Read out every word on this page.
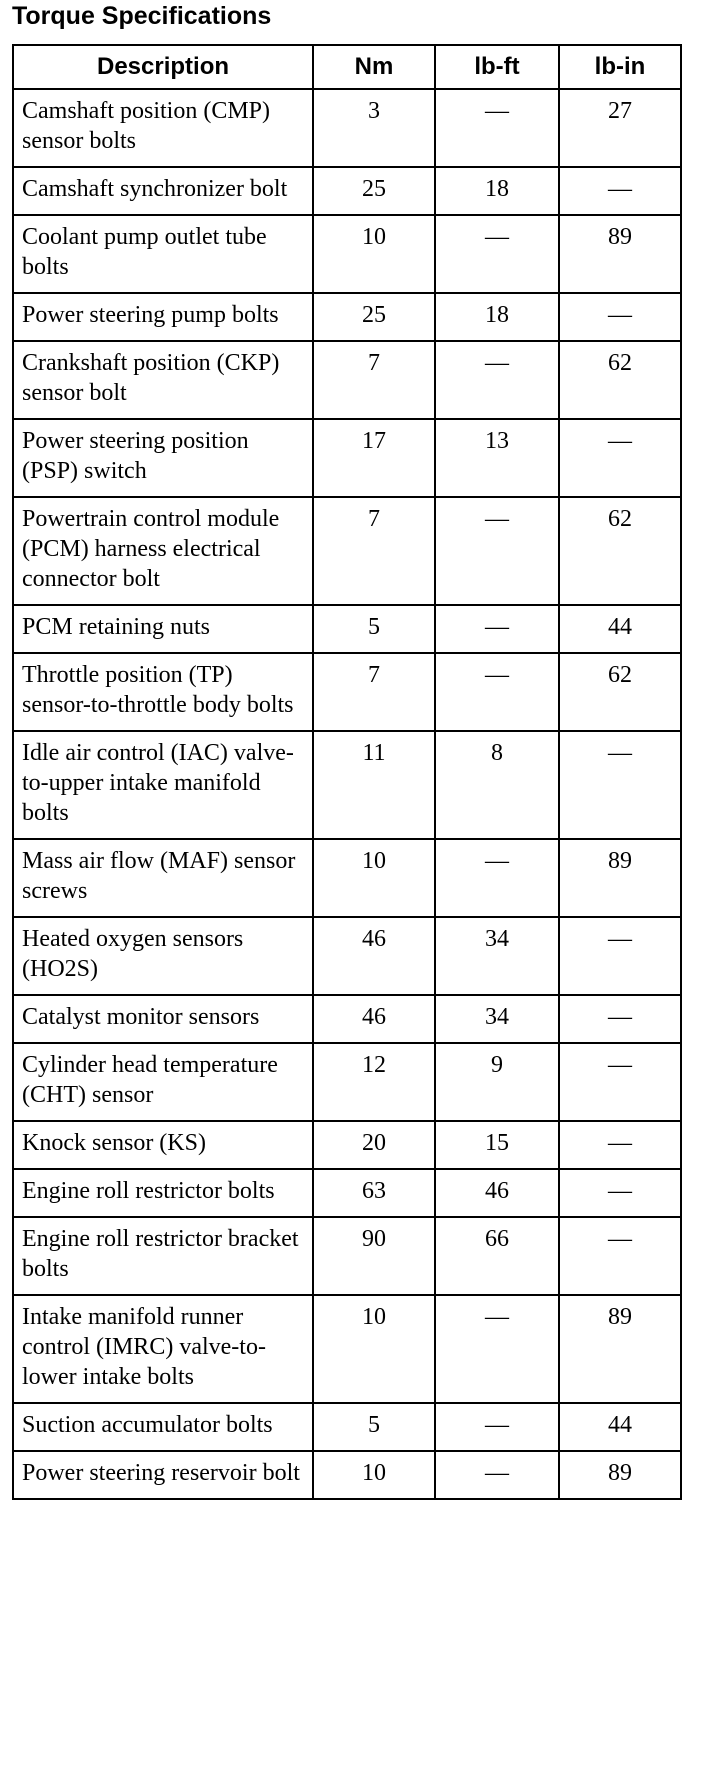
Torque Specifications
Description	Nm	lb-ft	lb-in
Camshaft position (CMP) sensor bolts	3	—	27
Camshaft synchronizer bolt	25	18	—
Coolant pump outlet tube bolts	10	—	89
Power steering pump bolts	25	18	—
Crankshaft position (CKP) sensor bolt	7	—	62
Power steering position (PSP) switch	17	13	—
Powertrain control module (PCM) harness electrical connector bolt	7	—	62
PCM retaining nuts	5	—	44
Throttle position (TP) sensor-to-throttle body bolts	7	—	62
Idle air control (IAC) valve-to-upper intake manifold bolts	11	8	—
Mass air flow (MAF) sensor screws	10	—	89
Heated oxygen sensors (HO2S)	46	34	—
Catalyst monitor sensors	46	34	—
Cylinder head temperature (CHT) sensor	12	9	—
Knock sensor (KS)	20	15	—
Engine roll restrictor bolts	63	46	—
Engine roll restrictor bracket bolts	90	66	—
Intake manifold runner control (IMRC) valve-to-lower intake bolts	10	—	89
Suction accumulator bolts	5	—	44
Power steering reservoir bolt	10	—	89
